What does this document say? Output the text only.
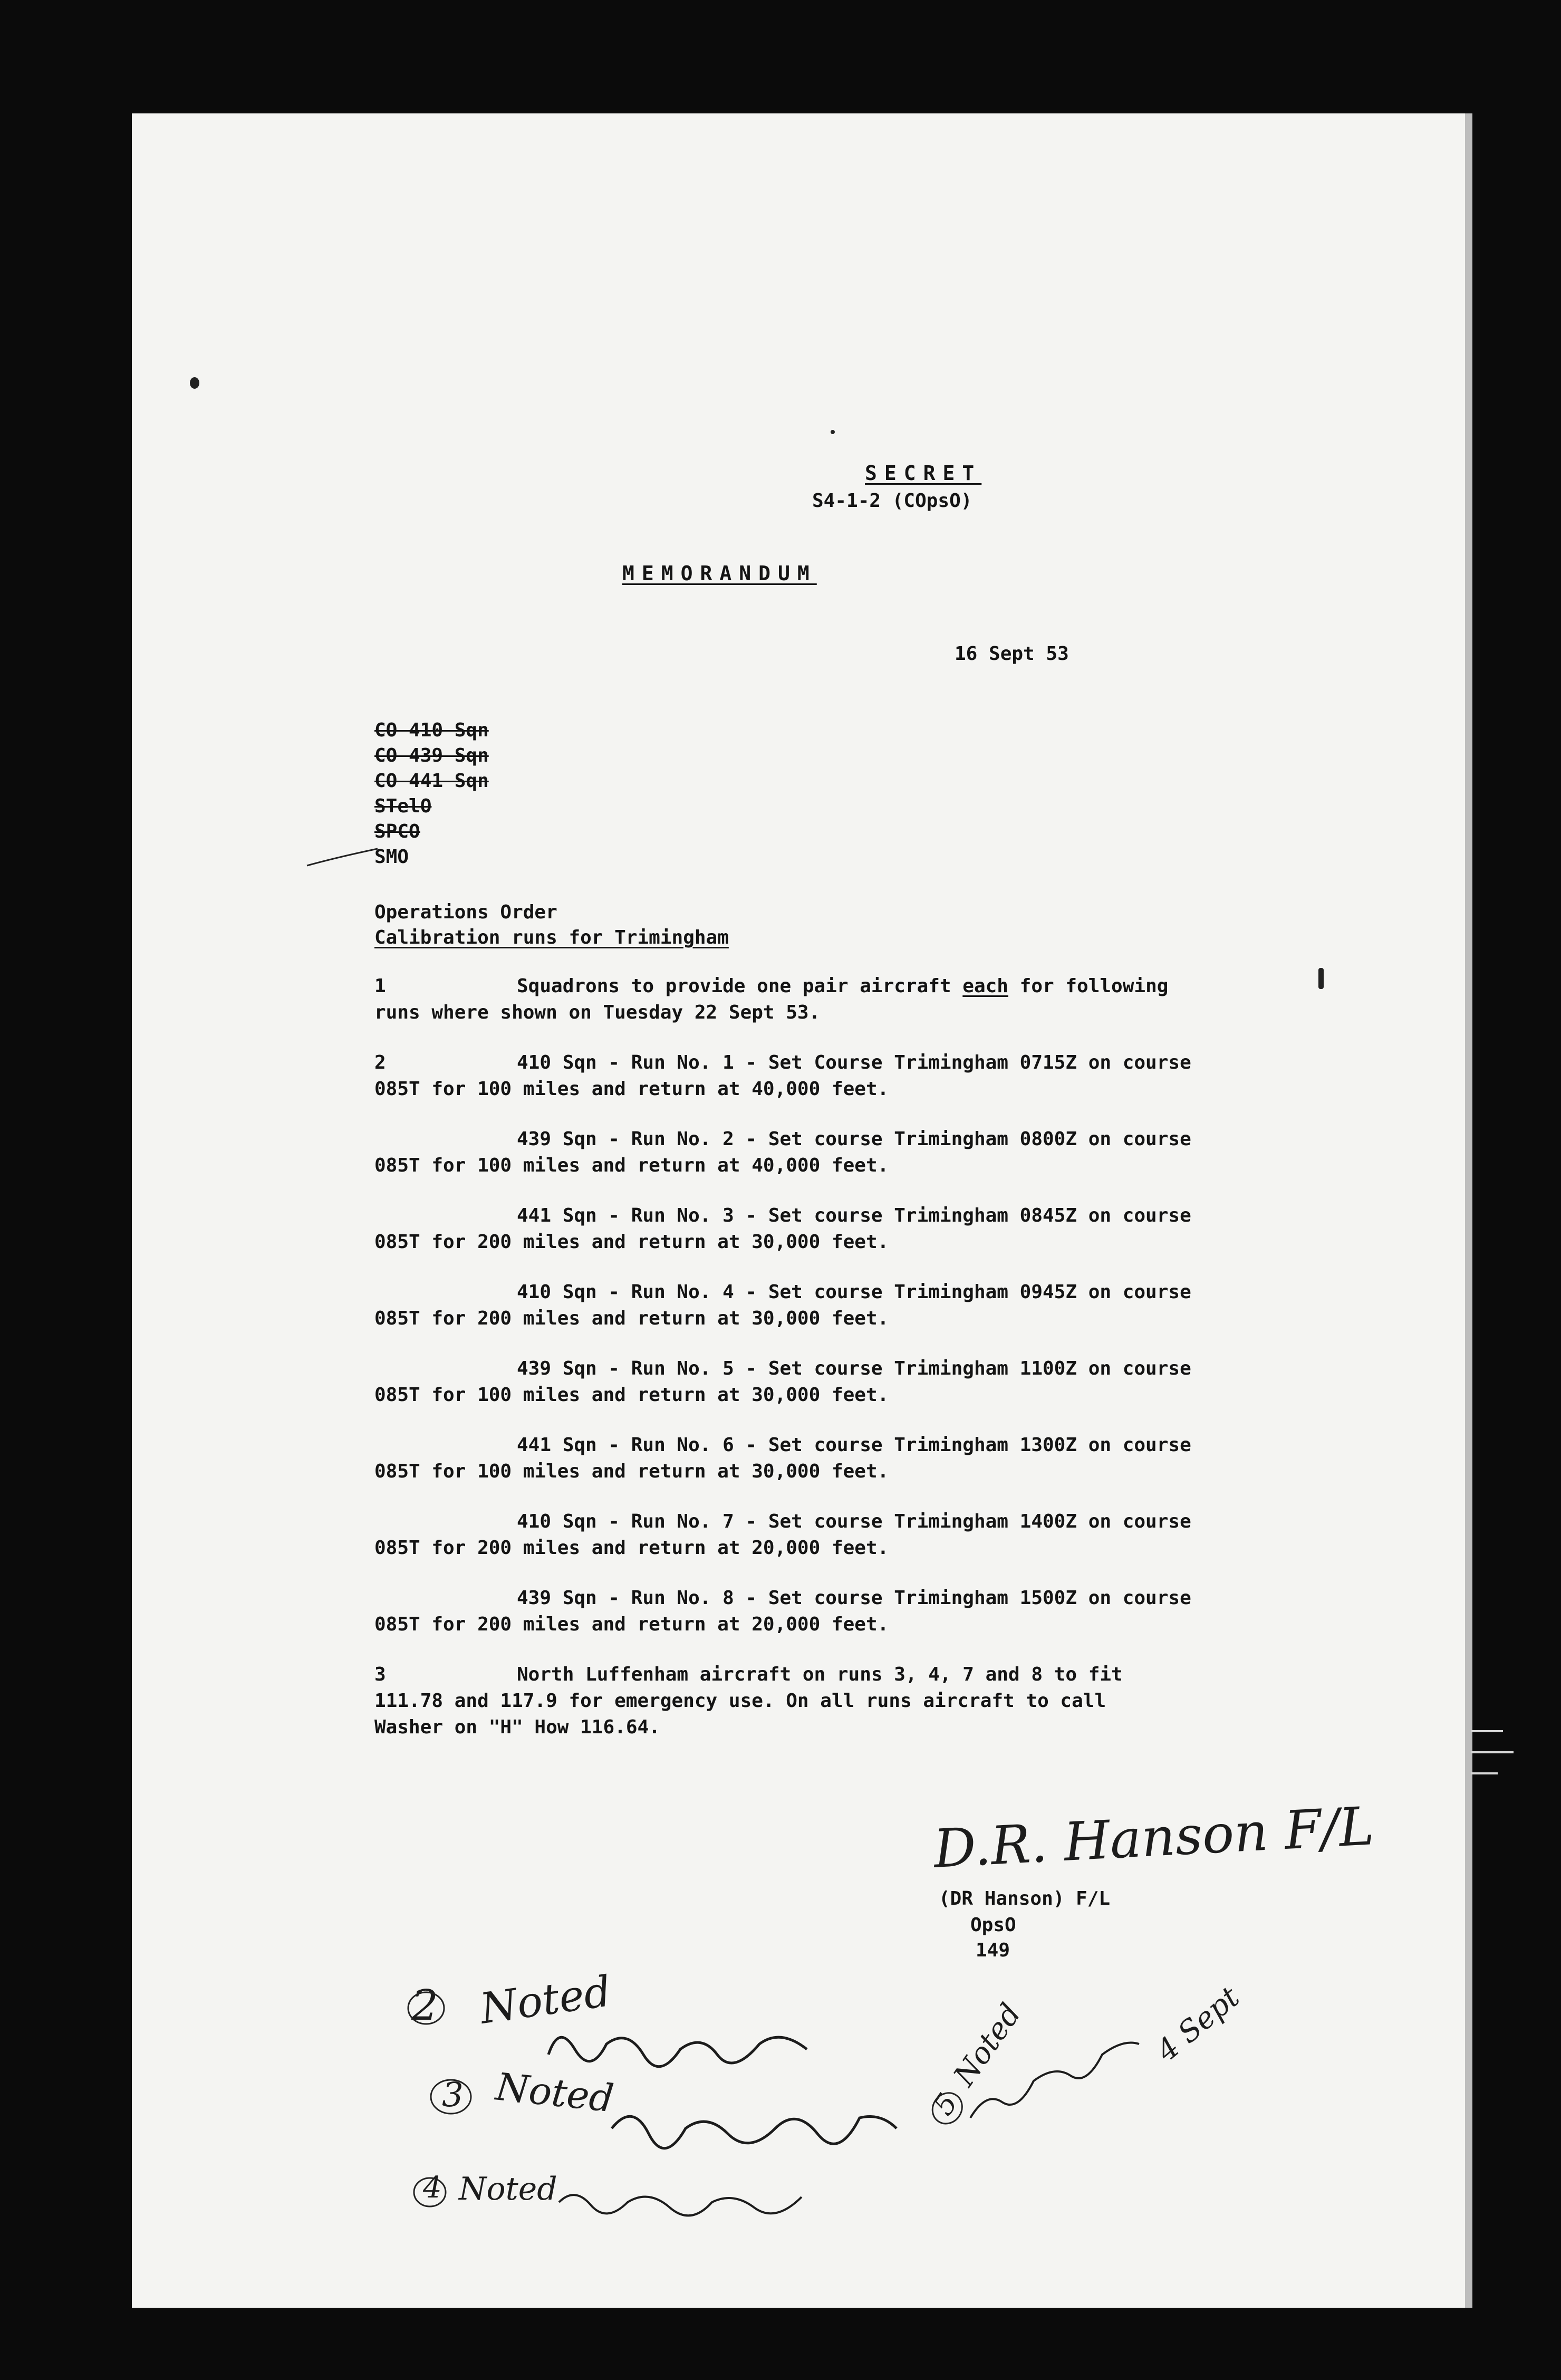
SECRET
S4-1-2 (COpsO)
MEMORANDUM
16 Sept 53
CO 410 Sqn
CO 439 Sqn
CO 441 Sqn
STelO
SPCO
SMO
Operations Order
Calibration runs for Trimingham
1	Squadrons to provide one pair aircraft each for following
runs where shown on Tuesday 22 Sept 53.
2	410 Sqn - Run No. 1 - Set Course Trimingham 0715Z on course
085T for 100 miles and return at 40,000 feet.
439 Sqn - Run No. 2 - Set course Trimingham 0800Z on course
085T for 100 miles and return at 40,000 feet.
441 Sqn - Run No. 3 - Set course Trimingham 0845Z on course
085T for 200 miles and return at 30,000 feet.
410 Sqn - Run No. 4 - Set course Trimingham 0945Z on course
085T for 200 miles and return at 30,000 feet.
439 Sqn - Run No. 5 - Set course Trimingham 1100Z on course
085T for 100 miles and return at 30,000 feet.
441 Sqn - Run No. 6 - Set course Trimingham 1300Z on course
085T for 100 miles and return at 30,000 feet.
410 Sqn - Run No. 7 - Set course Trimingham 1400Z on course
085T for 200 miles and return at 20,000 feet.
439 Sqn - Run No. 8 - Set course Trimingham 1500Z on course
085T for 200 miles and return at 20,000 feet.
3	North Luffenham aircraft on runs 3, 4, 7 and 8 to fit
111.78 and 117.9 for emergency use. On all runs aircraft to call
Washer on "H" How 116.64.
D.R. Hanson F/L
(DR Hanson) F/L
OpsO
149
2 Noted
3 Noted
4 Noted
5
Noted	4 Sept
